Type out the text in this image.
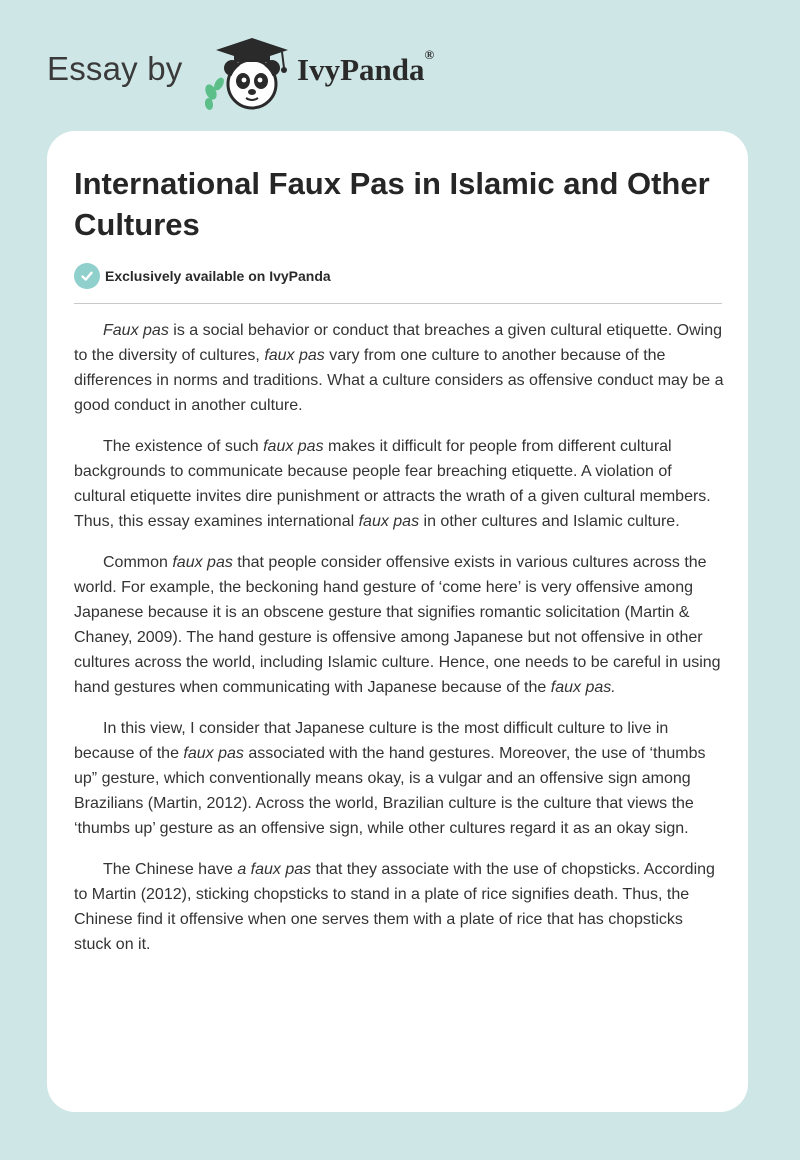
Essay by	IvyPanda®
International Faux Pas in Islamic and Other Cultures
Exclusively available on IvyPanda

Faux pas is a social behavior or conduct that breaches a given cultural etiquette. Owing to the diversity of cultures, faux pas vary from one culture to another because of the differences in norms and traditions. What a culture considers as offensive conduct may be a good conduct in another culture.

The existence of such faux pas makes it difficult for people from different cultural backgrounds to communicate because people fear breaching etiquette. A violation of cultural etiquette invites dire punishment or attracts the wrath of a given cultural members. Thus, this essay examines international faux pas in other cultures and Islamic culture.

Common faux pas that people consider offensive exists in various cultures across the world. For example, the beckoning hand gesture of ‘come here’ is very offensive among Japanese because it is an obscene gesture that signifies romantic solicitation (Martin & Chaney, 2009). The hand gesture is offensive among Japanese but not offensive in other cultures across the world, including Islamic culture. Hence, one needs to be careful in using hand gestures when communicating with Japanese because of the faux pas.

In this view, I consider that Japanese culture is the most difficult culture to live in because of the faux pas associated with the hand gestures. Moreover, the use of ‘thumbs up” gesture, which conventionally means okay, is a vulgar and an offensive sign among Brazilians (Martin, 2012). Across the world, Brazilian culture is the culture that views the ‘thumbs up’ gesture as an offensive sign, while other cultures regard it as an okay sign.

The Chinese have a faux pas that they associate with the use of chopsticks. According to Martin (2012), sticking chopsticks to stand in a plate of rice signifies death. Thus, the Chinese find it offensive when one serves them with a plate of rice that has chopsticks stuck on it.
